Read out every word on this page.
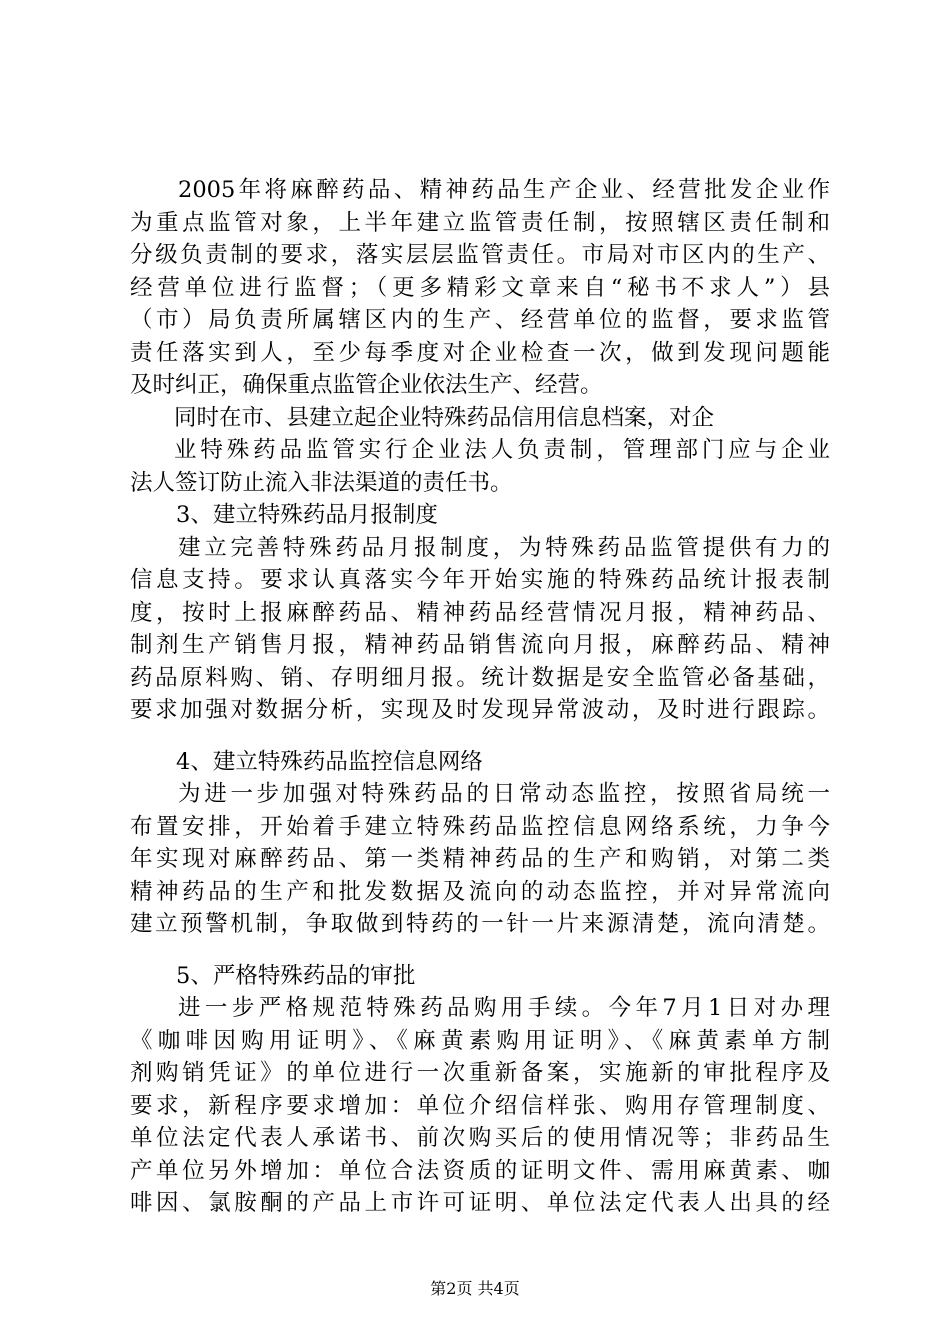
2005年将麻醉药品、精神药品生产企业、经营批发企业作
为重点监管对象，上半年建立监管责任制，按照辖区责任制和
分级负责制的要求，落实层层监管责任。市局对市区内的生产、
经营单位进行监督；（更多精彩文章来自“秘书不求人”）县
（市）局负责所属辖区内的生产、经营单位的监督，要求监管
责任落实到人，至少每季度对企业检查一次，做到发现问题能
及时纠正，确保重点监管企业依法生产、经营。
同时在市、县建立起企业特殊药品信用信息档案，对企
业特殊药品监管实行企业法人负责制，管理部门应与企业
法人签订防止流入非法渠道的责任书。
3、建立特殊药品月报制度
建立完善特殊药品月报制度，为特殊药品监管提供有力的
信息支持。要求认真落实今年开始实施的特殊药品统计报表制
度，按时上报麻醉药品、精神药品经营情况月报，精神药品、
制剂生产销售月报，精神药品销售流向月报，麻醉药品、精神
药品原料购、销、存明细月报。统计数据是安全监管必备基础，
要求加强对数据分析，实现及时发现异常波动，及时进行跟踪。
4、建立特殊药品监控信息网络
为进一步加强对特殊药品的日常动态监控，按照省局统一
布置安排，开始着手建立特殊药品监控信息网络系统，力争今
年实现对麻醉药品、第一类精神药品的生产和购销，对第二类
精神药品的生产和批发数据及流向的动态监控，并对异常流向
建立预警机制，争取做到特药的一针一片来源清楚，流向清楚。
5、严格特殊药品的审批
进一步严格规范特殊药品购用手续。今年7月1日对办理
《咖啡因购用证明》、《麻黄素购用证明》、《麻黄素单方制
剂购销凭证》的单位进行一次重新备案，实施新的审批程序及
要求，新程序要求增加：单位介绍信样张、购用存管理制度、
单位法定代表人承诺书、前次购买后的使用情况等；非药品生
产单位另外增加：单位合法资质的证明文件、需用麻黄素、咖
啡因、氯胺酮的产品上市许可证明、单位法定代表人出具的经
第2页 共4页
